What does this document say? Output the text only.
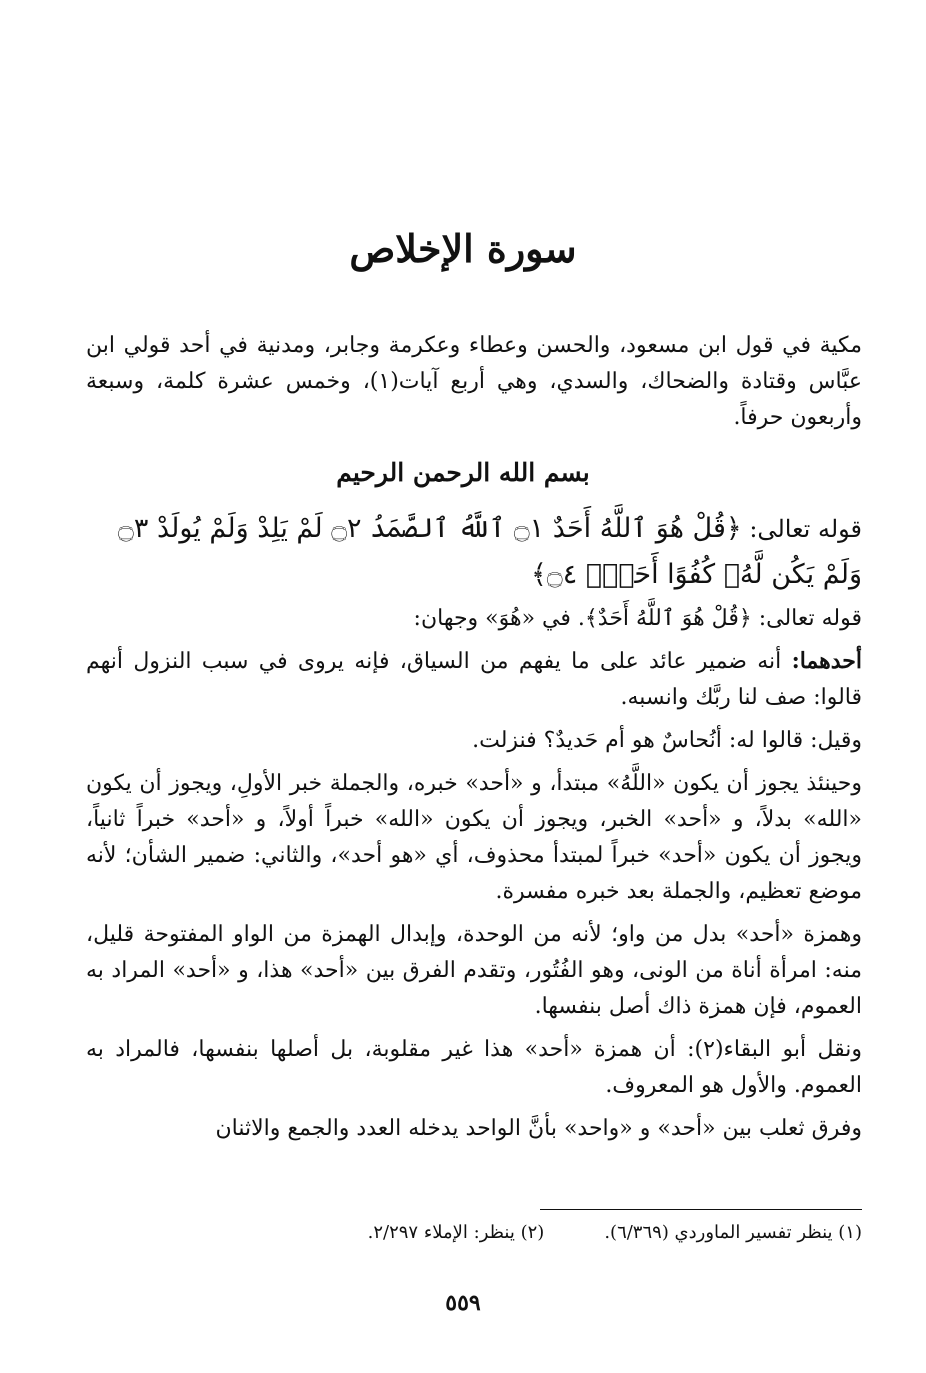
سورة الإخلاص
مكية في قول ابن مسعود، والحسن وعطاء وعكرمة وجابر، ومدنية في أحد قولي ابن عبَّاس وقتادة والضحاك، والسدي، وهي أربع آيات(١)، وخمس عشرة كلمة، وسبعة وأربعون حرفاً.
بسم الله الرحمن الرحيم
قوله تعالى: ﴿قُلْ هُوَ ٱللَّهُ أَحَدٌ ۝١ ٱللَّهُ ٱلصَّمَدُ ۝٢ لَمْ يَلِدْ وَلَمْ يُولَدْ ۝٣ وَلَمْ يَكُن لَّهُۥ كُفُوًا أَحَدٌۢ ۝٤﴾

قوله تعالى: ﴿قُلْ هُوَ ٱللَّهُ أَحَدٌ﴾. في «هُوَ» وجهان:

أحدهما: أنه ضمير عائد على ما يفهم من السياق، فإنه يروى في سبب النزول أنهم قالوا: صف لنا ربَّك وانسبه.

وقيل: قالوا له: أنُحاسٌ هو أم حَديدٌ؟ فنزلت.

وحينئذ يجوز أن يكون «اللَّهُ» مبتدأ، و «أحد» خبره، والجملة خبر الأولِ، ويجوز أن يكون «الله» بدلاً، و «أحد» الخبر، ويجوز أن يكون «الله» خبراً أولاً، و «أحد» خبراً ثانياً، ويجوز أن يكون «أحد» خبراً لمبتدأ محذوف، أي «هو أحد»، والثاني: ضمير الشأن؛ لأنه موضع تعظيم، والجملة بعد خبره مفسرة.

وهمزة «أحد» بدل من واو؛ لأنه من الوحدة، وإبدال الهمزة من الواو المفتوحة قليل، منه: امرأة أناة من الونى، وهو الفُتُور، وتقدم الفرق بين «أحد» هذا، و «أحد» المراد به العموم، فإن همزة ذاك أصل بنفسها.

ونقل أبو البقاء(٢): أن همزة «أحد» هذا غير مقلوبة، بل أصلها بنفسها، فالمراد به العموم. والأول هو المعروف.

وفرق ثعلب بين «أحد» و «واحد» بأنَّ الواحد يدخله العدد والجمع والاثنان

(١) ينظر تفسير الماوردي (٦/٣٦٩).
(٢) ينظر: الإملاء ٢/٢٩٧.
٥٥٩
